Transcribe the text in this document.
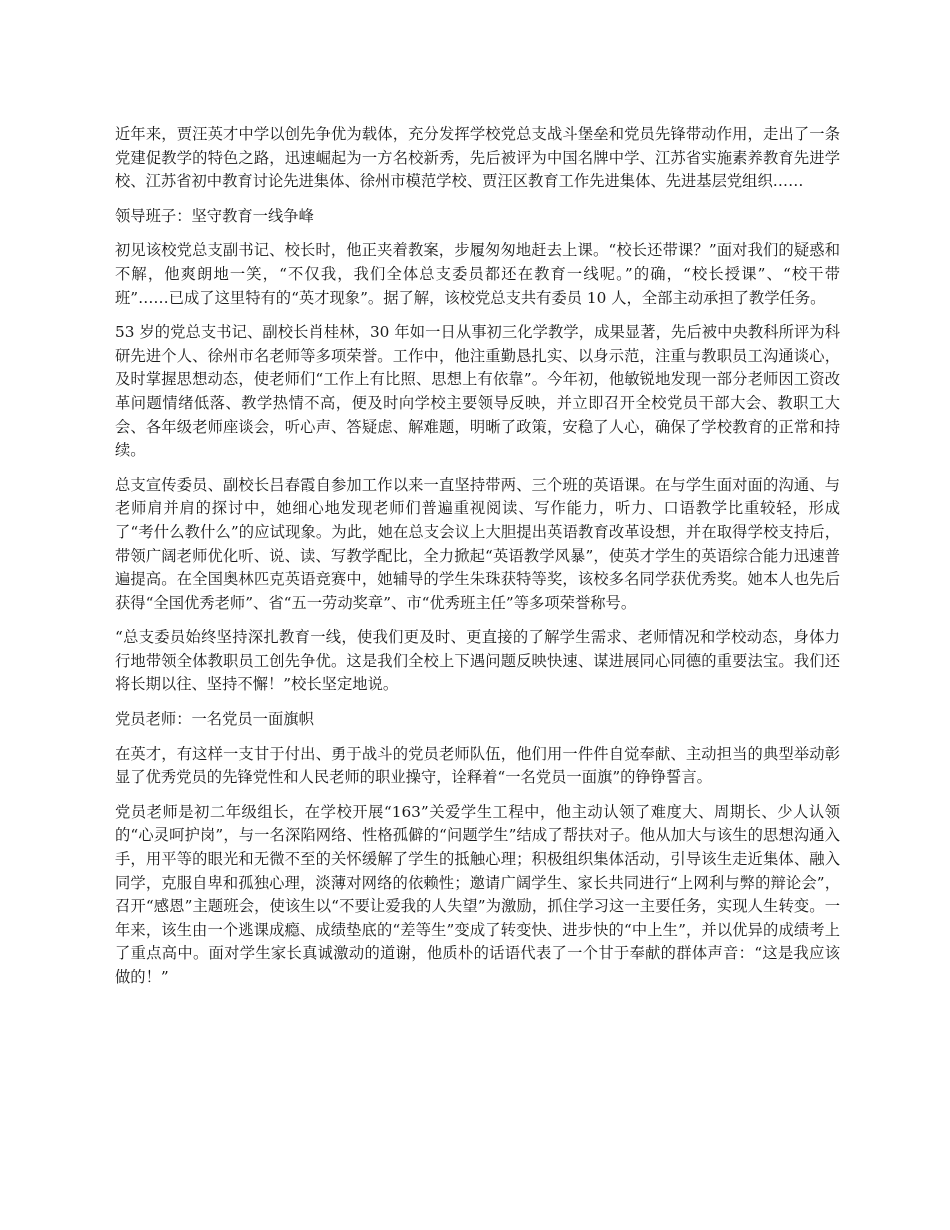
近年来，贾汪英才中学以创先争优为载体，充分发挥学校党总支战斗堡垒和党员先锋带动作用，走出了一条党建促教学的特色之路，迅速崛起为一方名校新秀，先后被评为中国名牌中学、江苏省实施素养教育先进学校、江苏省初中教育讨论先进集体、徐州市模范学校、贾汪区教育工作先进集体、先进基层党组织……

领导班子：坚守教育一线争峰

初见该校党总支副书记、校长时，他正夹着教案，步履匆匆地赶去上课。“校长还带课？”面对我们的疑惑和不解，他爽朗地一笑，“不仅我，我们全体总支委员都还在教育一线呢。”的确，“校长授课”、“校干带班”……已成了这里特有的“英才现象”。据了解，该校党总支共有委员 10 人，全部主动承担了教学任务。

53 岁的党总支书记、副校长肖桂林，30 年如一日从事初三化学教学，成果显著，先后被中央教科所评为科研先进个人、徐州市名老师等多项荣誉。工作中，他注重勤恳扎实、以身示范，注重与教职员工沟通谈心，及时掌握思想动态，使老师们“工作上有比照、思想上有依靠”。今年初，他敏锐地发现一部分老师因工资改革问题情绪低落、教学热情不高，便及时向学校主要领导反映，并立即召开全校党员干部大会、教职工大会、各年级老师座谈会，听心声、答疑虑、解难题，明晰了政策，安稳了人心，确保了学校教育的正常和持续。

总支宣传委员、副校长吕春霞自参加工作以来一直坚持带两、三个班的英语课。在与学生面对面的沟通、与老师肩并肩的探讨中，她细心地发现老师们普遍重视阅读、写作能力，听力、口语教学比重较轻，形成了“考什么教什么”的应试现象。为此，她在总支会议上大胆提出英语教育改革设想，并在取得学校支持后，带领广阔老师优化听、说、读、写教学配比，全力掀起“英语教学风暴”，使英才学生的英语综合能力迅速普遍提高。在全国奥林匹克英语竞赛中，她辅导的学生朱珠获特等奖，该校多名同学获优秀奖。她本人也先后获得“全国优秀老师”、省“五一劳动奖章”、市“优秀班主任”等多项荣誉称号。

“总支委员始终坚持深扎教育一线，使我们更及时、更直接的了解学生需求、老师情况和学校动态，身体力行地带领全体教职员工创先争优。这是我们全校上下遇问题反映快速、谋进展同心同德的重要法宝。我们还将长期以往、坚持不懈！”校长坚定地说。

党员老师：一名党员一面旗帜

在英才，有这样一支甘于付出、勇于战斗的党员老师队伍，他们用一件件自觉奉献、主动担当的典型举动彰显了优秀党员的先锋党性和人民老师的职业操守，诠释着“一名党员一面旗”的铮铮誓言。

党员老师是初二年级组长，在学校开展“163”关爱学生工程中，他主动认领了难度大、周期长、少人认领的“心灵呵护岗”，与一名深陷网络、性格孤僻的“问题学生”结成了帮扶对子。他从加大与该生的思想沟通入手，用平等的眼光和无微不至的关怀缓解了学生的抵触心理；积极组织集体活动，引导该生走近集体、融入同学，克服自卑和孤独心理，淡薄对网络的依赖性；邀请广阔学生、家长共同进行“上网利与弊的辩论会”，召开“感恩”主题班会，使该生以“不要让爱我的人失望”为激励，抓住学习这一主要任务，实现人生转变。一年来，该生由一个逃课成瘾、成绩垫底的“差等生”变成了转变快、进步快的“中上生”，并以优异的成绩考上了重点高中。面对学生家长真诚激动的道谢，他质朴的话语代表了一个甘于奉献的群体声音：“这是我应该做的！”
